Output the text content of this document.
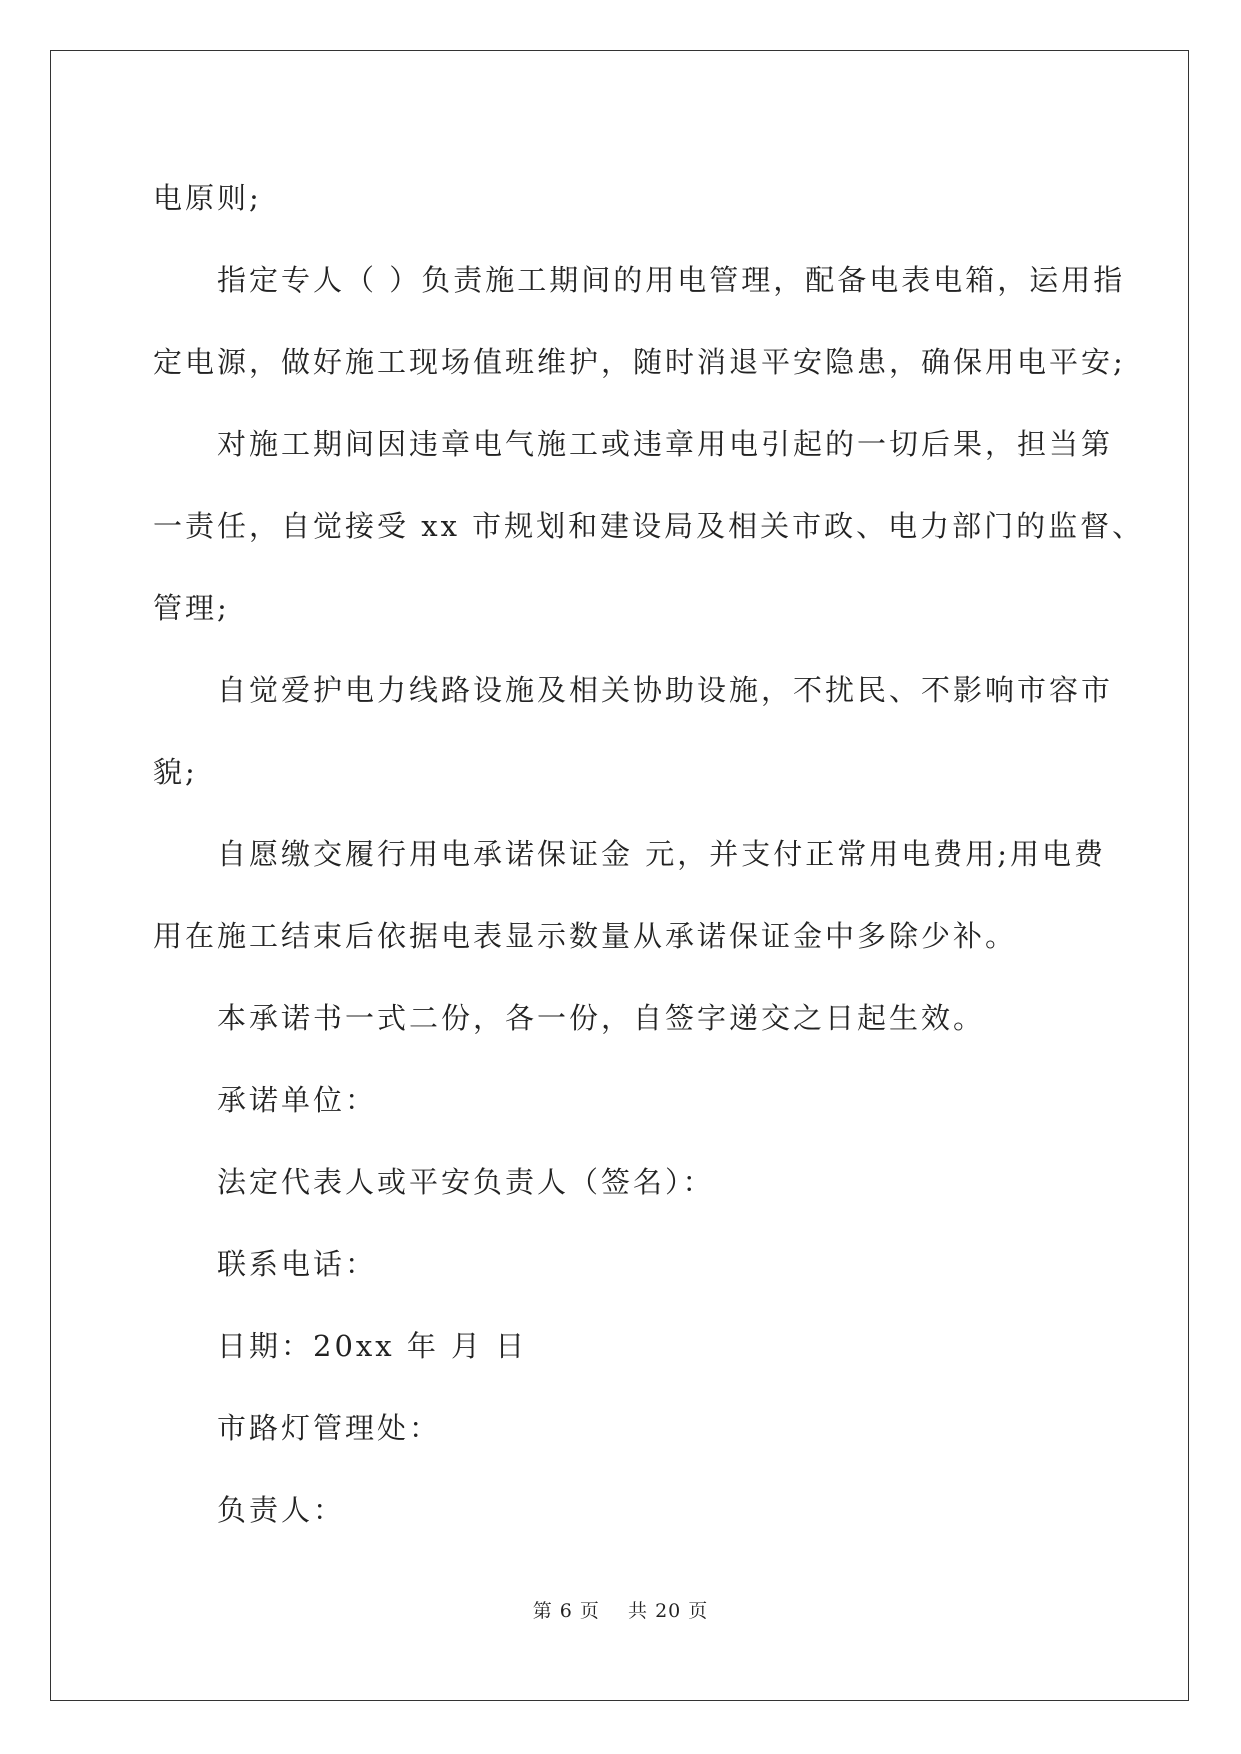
电原则;
指定专人（ ）负责施工期间的用电管理，配备电表电箱，运用指
定电源，做好施工现场值班维护，随时消退平安隐患，确保用电平安;
对施工期间因违章电气施工或违章用电引起的一切后果，担当第
一责任，自觉接受 xx 市规划和建设局及相关市政、电力部门的监督、
管理;
自觉爱护电力线路设施及相关协助设施，不扰民、不影响市容市
貌;
自愿缴交履行用电承诺保证金 元，并支付正常用电费用;用电费
用在施工结束后依据电表显示数量从承诺保证金中多除少补。
本承诺书一式二份，各一份，自签字递交之日起生效。
承诺单位：
法定代表人或平安负责人（签名）：
联系电话：
日期：20xx 年 月 日
市路灯管理处：
负责人：
第 6 页 共 20 页
